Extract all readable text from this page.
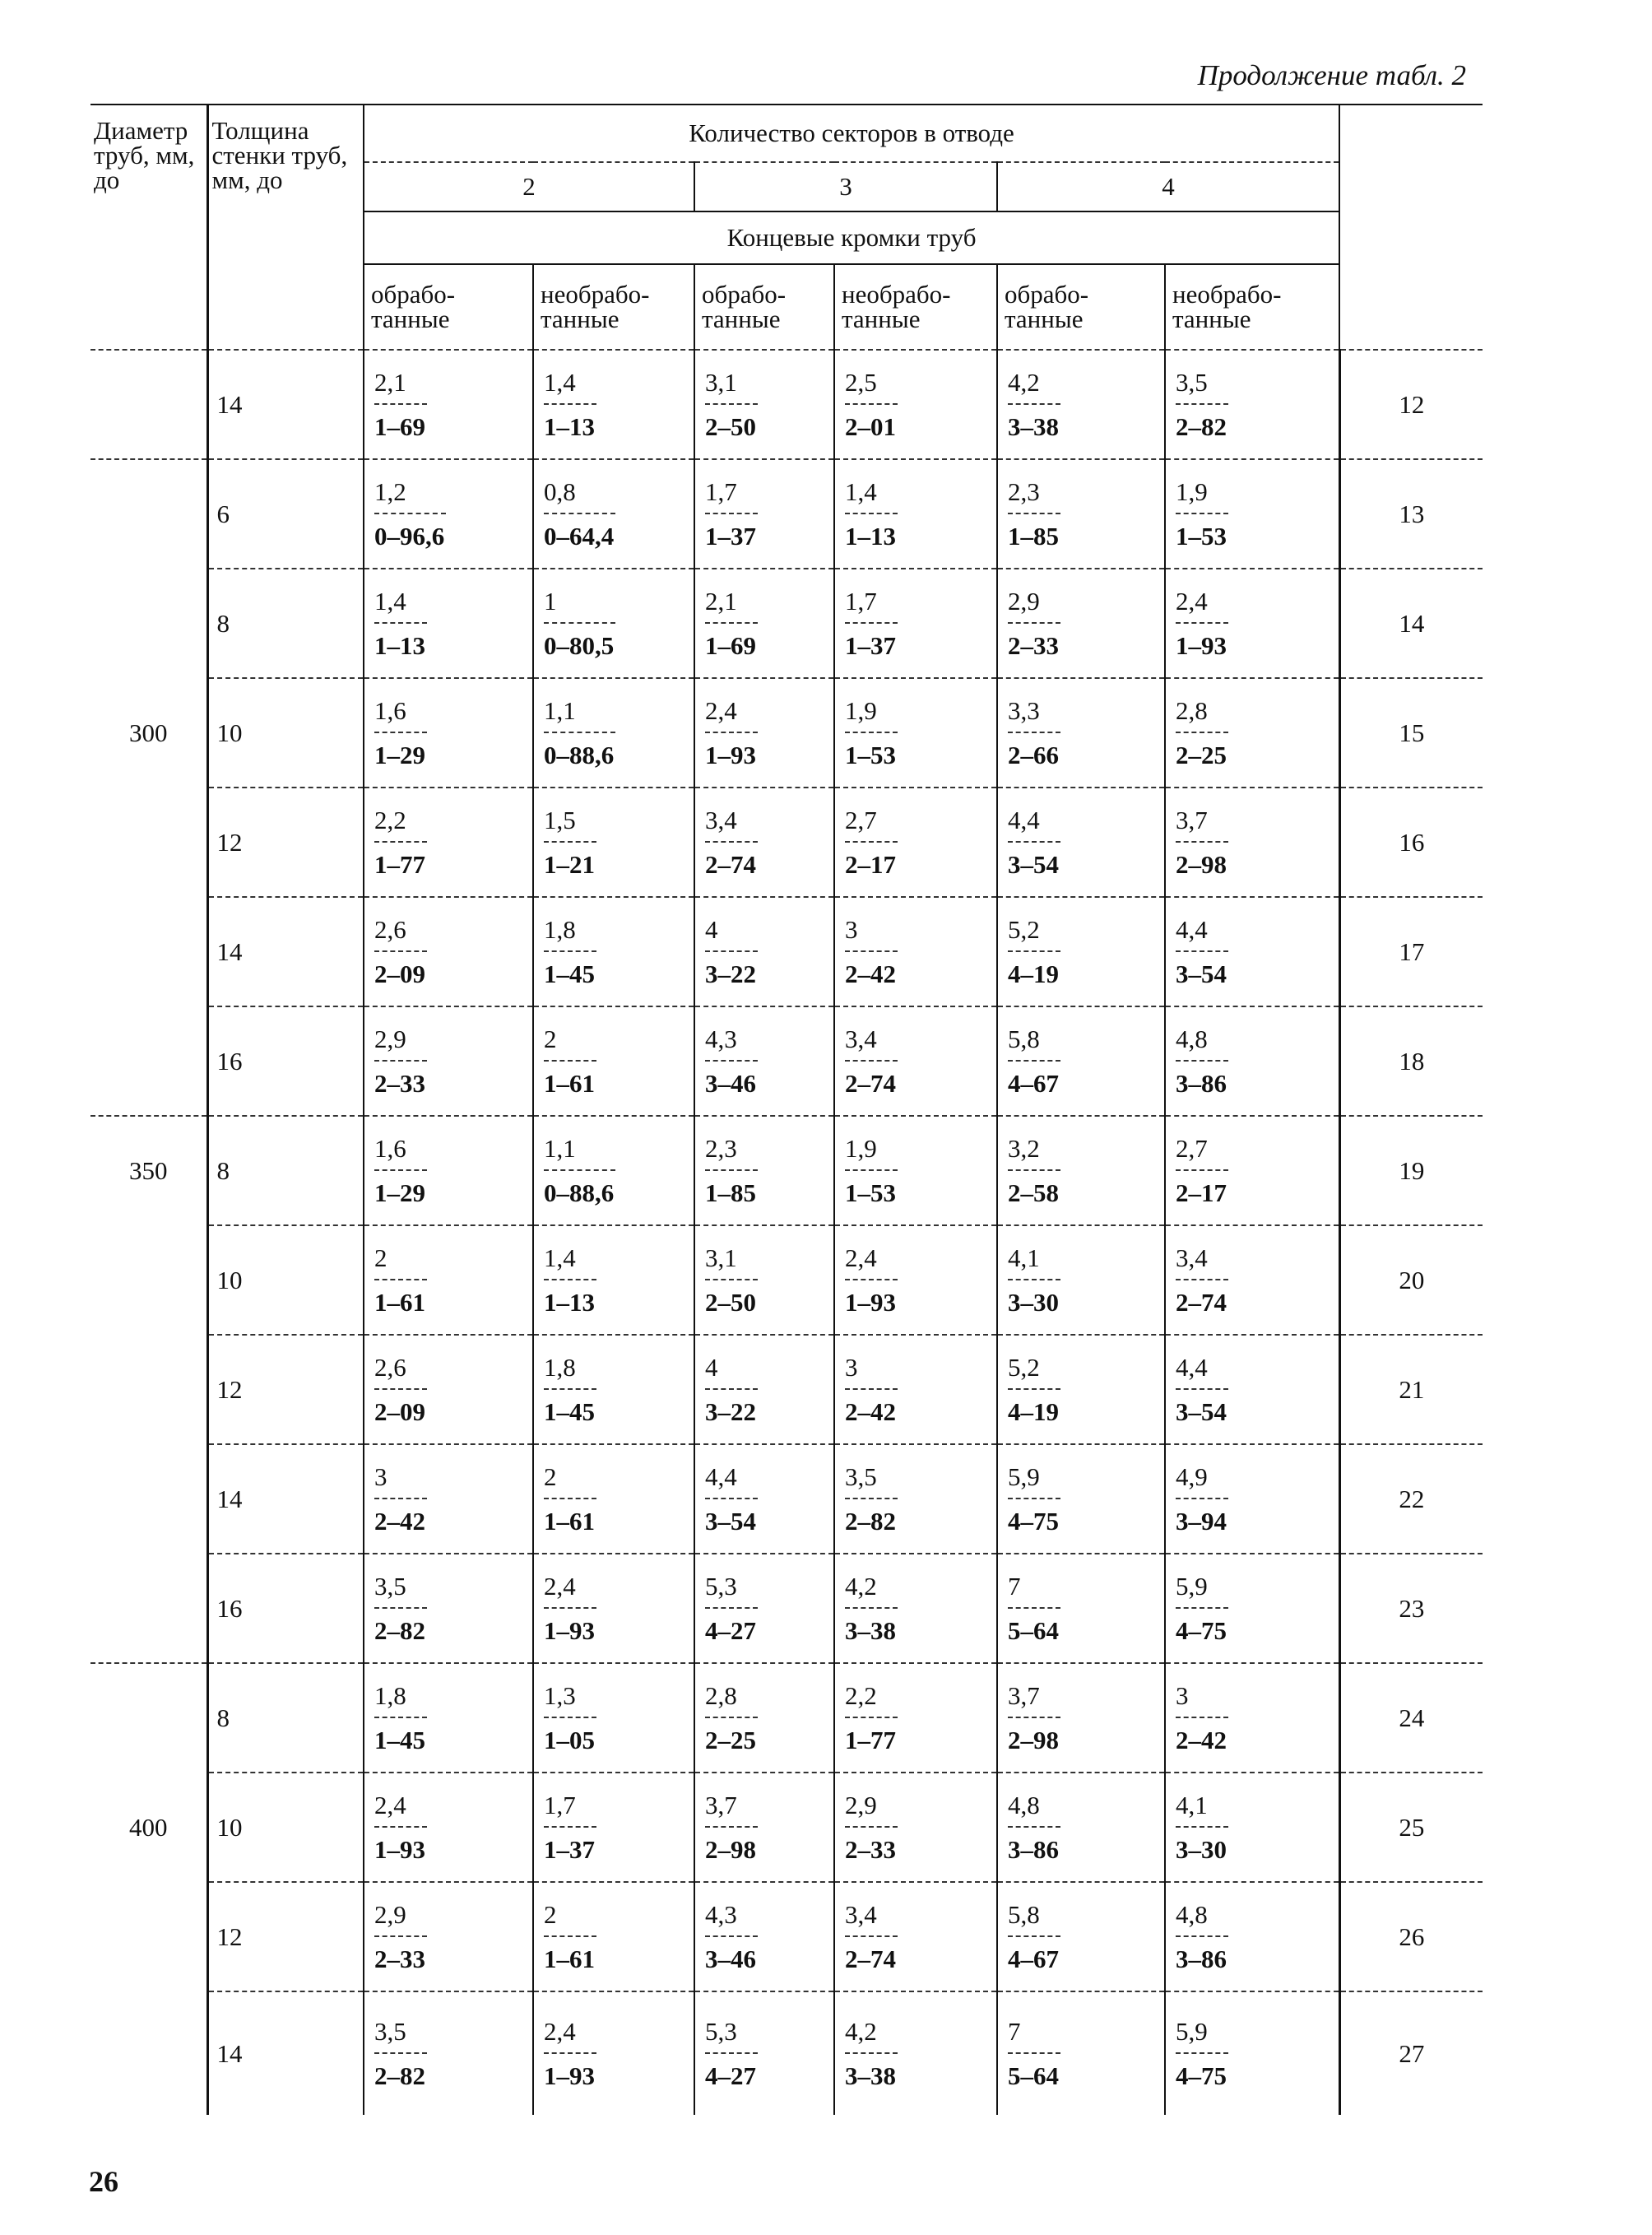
Продолжение табл. 2
Диаметр труб, мм, до	Толщина стенки труб, мм, до	Количество секторов в отводе						
		2		3		4		
		Концевые кромки труб						
		обрабо-танные	необрабо-танные	обрабо-танные	необрабо-танные	обрабо-танные	необрабо-танные	
	14	$\frac{2,1}{1-69}$	$\frac{1,4}{1-13}$	$\frac{3,1}{2-50}$	$\frac{2,5}{2-01}$	$\frac{4,2}{3-38}$	$\frac{3,5}{2-82}$	12
	6	$\frac{1,2}{0-96,6}$	$\frac{0,8}{0-64,4}$	$\frac{1,7}{1-37}$	$\frac{1,4}{1-13}$	$\frac{2,3}{1-85}$	$\frac{1,9}{1-53}$	13
	8	$\frac{1,4}{1-13}$	$\frac{1}{0-80,5}$	$\frac{2,1}{1-69}$	$\frac{1,7}{1-37}$	$\frac{2,9}{2-33}$	$\frac{2,4}{1-93}$	14
300	10	$\frac{1,6}{1-29}$	$\frac{1,1}{0-88,6}$	$\frac{2,4}{1-93}$	$\frac{1,9}{1-53}$	$\frac{3,3}{2-66}$	$\frac{2,8}{2-25}$	15
	12	$\frac{2,2}{1-77}$	$\frac{1,5}{1-21}$	$\frac{3,4}{2-74}$	$\frac{2,7}{2-17}$	$\frac{4,4}{3-54}$	$\frac{3,7}{2-98}$	16
	14	$\frac{2,6}{2-09}$	$\frac{1,8}{1-45}$	$\frac{4}{3-22}$	$\frac{3}{2-42}$	$\frac{5,2}{4-19}$	$\frac{4,4}{3-54}$	17
	16	$\frac{2,9}{2-33}$	$\frac{2}{1-61}$	$\frac{4,3}{3-46}$	$\frac{3,4}{2-74}$	$\frac{5,8}{4-67}$	$\frac{4,8}{3-86}$	18
350	8	$\frac{1,6}{1-29}$	$\frac{1,1}{0-88,6}$	$\frac{2,3}{1-85}$	$\frac{1,9}{1-53}$	$\frac{3,2}{2-58}$	$\frac{2,7}{2-17}$	19
	10	$\frac{2}{1-61}$	$\frac{1,4}{1-13}$	$\frac{3,1}{2-50}$	$\frac{2,4}{1-93}$	$\frac{4,1}{3-30}$	$\frac{3,4}{2-74}$	20
	12	$\frac{2,6}{2-09}$	$\frac{1,8}{1-45}$	$\frac{4}{3-22}$	$\frac{3}{2-42}$	$\frac{5,2}{4-19}$	$\frac{4,4}{3-54}$	21
	14	$\frac{3}{2-42}$	$\frac{2}{1-61}$	$\frac{4,4}{3-54}$	$\frac{3,5}{2-82}$	$\frac{5,9}{4-75}$	$\frac{4,9}{3-94}$	22
	16	$\frac{3,5}{2-82}$	$\frac{2,4}{1-93}$	$\frac{5,3}{4-27}$	$\frac{4,2}{3-38}$	$\frac{7}{5-64}$	$\frac{5,9}{4-75}$	23
	8	$\frac{1,8}{1-45}$	$\frac{1,3}{1-05}$	$\frac{2,8}{2-25}$	$\frac{2,2}{1-77}$	$\frac{3,7}{2-98}$	$\frac{3}{2-42}$	24
400	10	$\frac{2,4}{1-93}$	$\frac{1,7}{1-37}$	$\frac{3,7}{2-98}$	$\frac{2,9}{2-33}$	$\frac{4,8}{3-86}$	$\frac{4,1}{3-30}$	25
	12	$\frac{2,9}{2-33}$	$\frac{2}{1-61}$	$\frac{4,3}{3-46}$	$\frac{3,4}{2-74}$	$\frac{5,8}{4-67}$	$\frac{4,8}{3-86}$	26
	14	$\frac{3,5}{2-82}$	$\frac{2,4}{1-93}$	$\frac{5,3}{4-27}$	$\frac{4,2}{3-38}$	$\frac{7}{5-64}$	$\frac{5,9}{4-75}$	27
26
